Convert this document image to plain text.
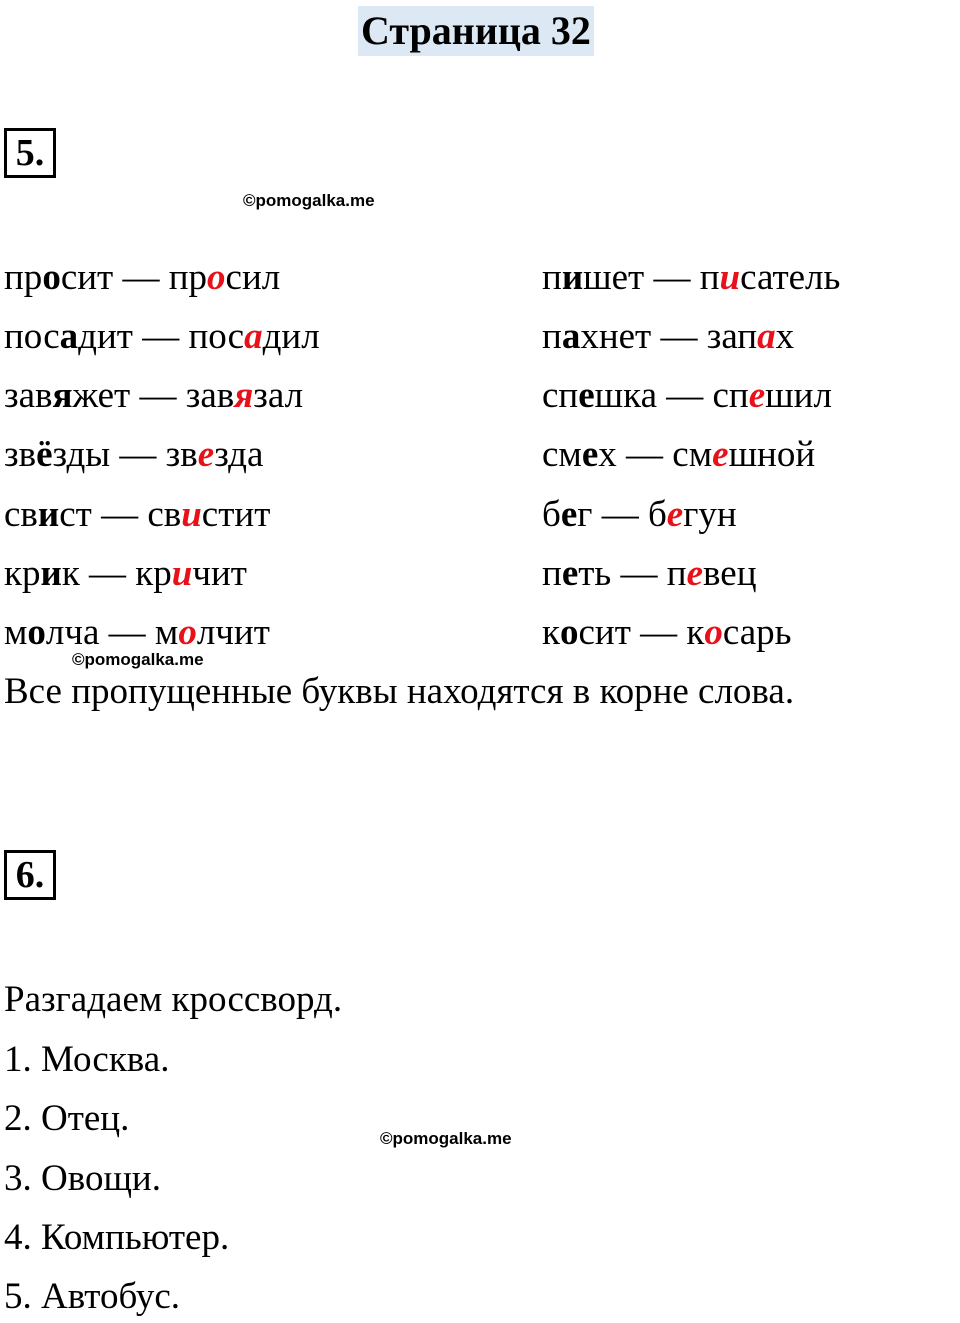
Страница 32
5.
©pomogalka.me
просит — просил
посадит — посадил
завяжет — завязал
звёзды — звезда
свист — свистит
крик — кричит
молча — молчит
пишет — писатель
пахнет — запах
спешка — спешил
смех — смешной
бег — бегун
петь — певец
косит — косарь
©pomogalka.me
Все пропущенные буквы находятся в корне слова.
6.
Разгадаем кроссворд.
1. Москва.
2. Отец.	©pomogalka.me
3. Овощи.
4. Компьютер.
5. Автобус.
